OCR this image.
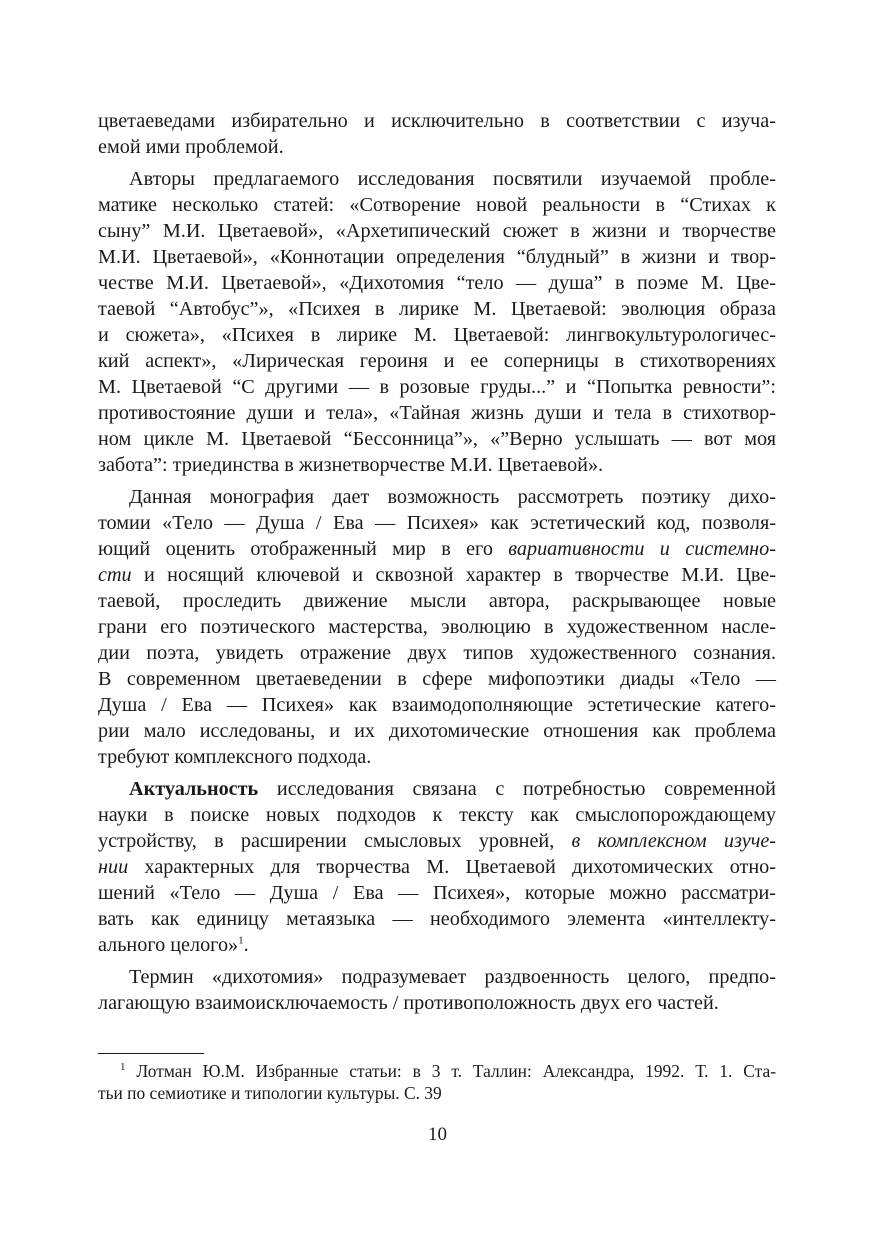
цветаеведами избирательно и исключительно в соответствии с изуча-
емой ими проблемой.
Авторы предлагаемого исследования посвятили изучаемой пробле-
матике несколько статей: «Сотворение новой реальности в “Стихах к
сыну” М.И. Цветаевой», «Архетипический сюжет в жизни и творчестве
М.И. Цветаевой», «Коннотации определения “блудный” в жизни и твор-
честве М.И. Цветаевой», «Дихотомия “тело — душа” в поэме М. Цве-
таевой “Автобус”», «Психея в лирике М. Цветаевой: эволюция образа
и сюжета», «Психея в лирике М. Цветаевой: лингвокультурологичес-
кий аспект», «Лирическая героиня и ее соперницы в стихотворениях
М. Цветаевой “С другими — в розовые груды...” и “Попытка ревности”:
противостояние души и тела», «Тайная жизнь души и тела в стихотвор-
ном цикле М. Цветаевой “Бессонница”», «”Верно услышать — вот моя
забота”: триединства в жизнетворчестве М.И. Цветаевой».
Данная монография дает возможность рассмотреть поэтику дихо-
томии «Тело — Душа / Ева — Психея» как эстетический код, позволя-
ющий оценить отображенный мир в его вариативности и системно-
сти и носящий ключевой и сквозной характер в творчестве М.И. Цве-
таевой, проследить движение мысли автора, раскрывающее новые
грани его поэтического мастерства, эволюцию в художественном насле-
дии поэта, увидеть отражение двух типов художественного сознания.
В современном цветаеведении в сфере мифопоэтики диады «Тело —
Душа / Ева — Психея» как взаимодополняющие эстетические катего-
рии мало исследованы, и их дихотомические отношения как проблема
требуют комплексного подхода.
Актуальность исследования связана с потребностью современной
науки в поиске новых подходов к тексту как смыслопорождающему
устройству, в расширении смысловых уровней, в комплексном изуче-
нии характерных для творчества М. Цветаевой дихотомических отно-
шений «Тело — Душа / Ева — Психея», которые можно рассматри-
вать как единицу метаязыка — необходимого элемента «интеллекту-
ального целого»$^1$.
Термин «дихотомия» подразумевает раздвоенность целого, предпо-
лагающую взаимоисключаемость / противоположность двух его частей.
$^1$ Лотман Ю.М. Избранные статьи: в 3 т. Таллин: Александра, 1992. Т. 1. Ста-
тьи по семиотике и типологии культуры. С. 39
10
